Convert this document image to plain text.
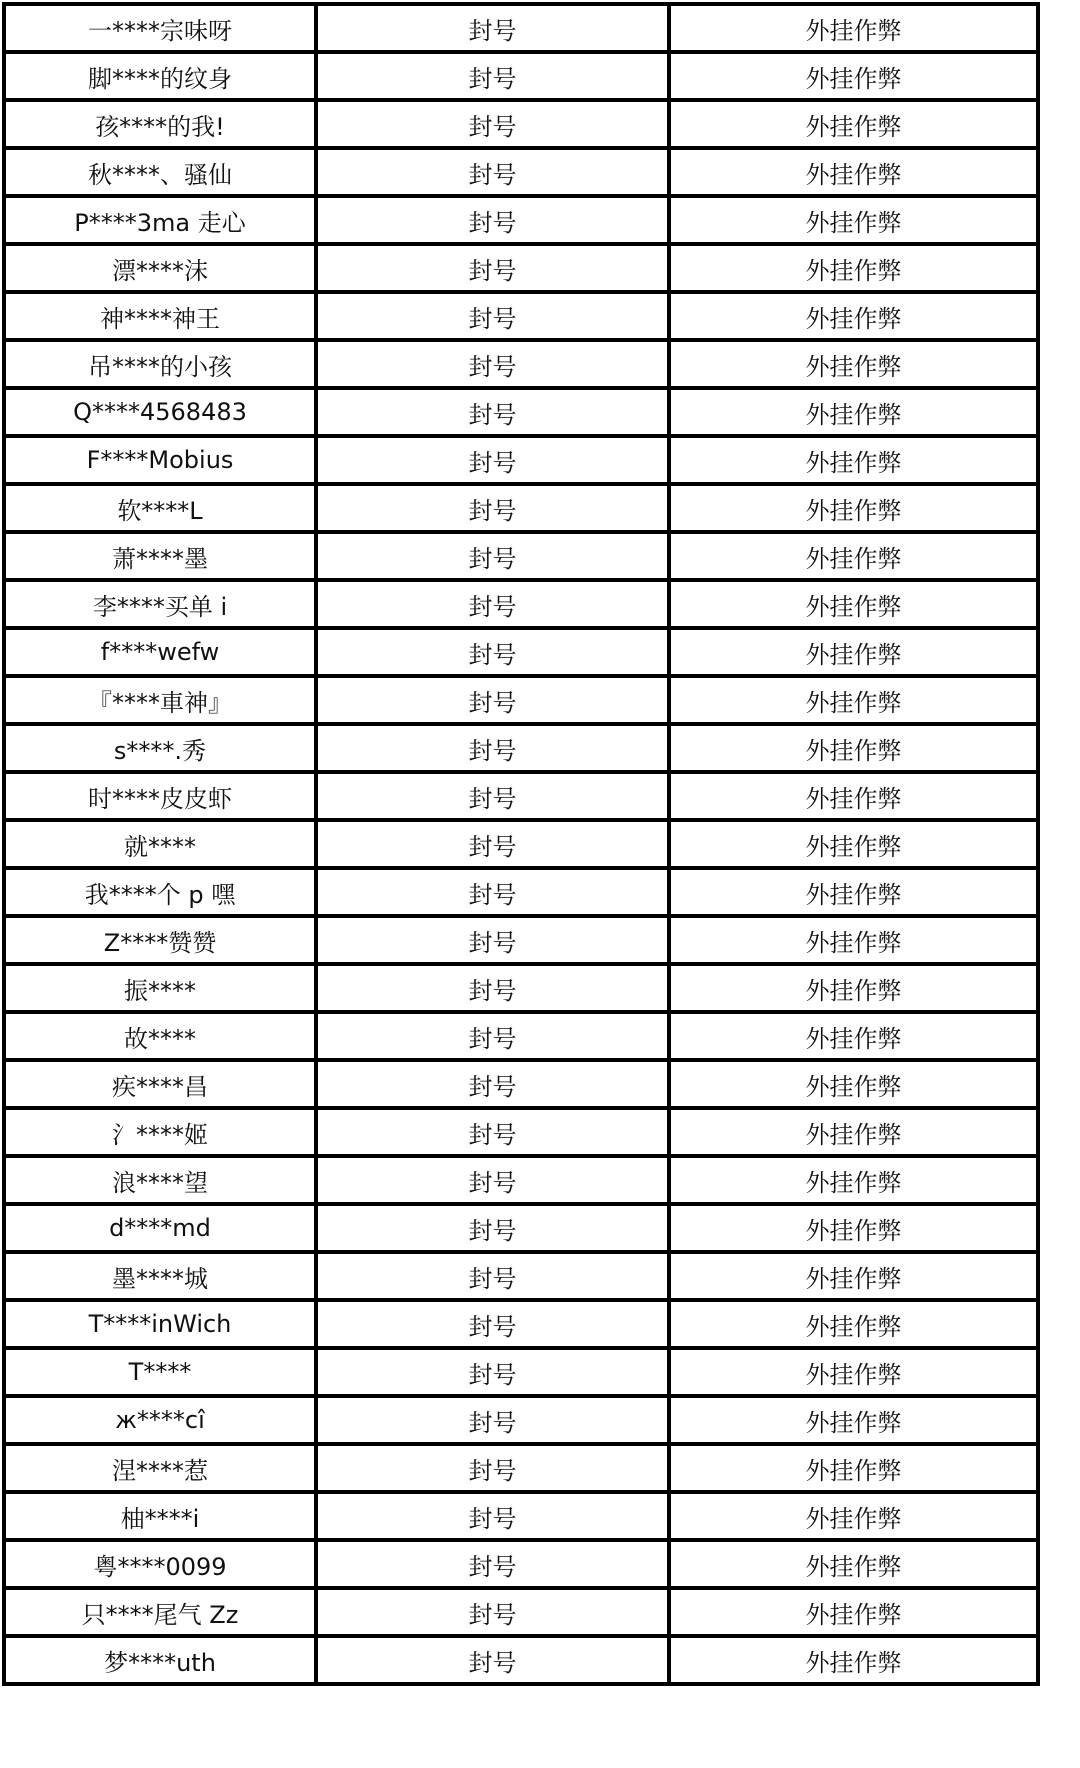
一****宗味呀	封号	外挂作弊
脚****的纹身	封号	外挂作弊
孩****的我!	封号	外挂作弊
秋****、骚仙	封号	外挂作弊
P****3ma 走心	封号	外挂作弊
漂****沫	封号	外挂作弊
神****神王	封号	外挂作弊
吊****的小孩	封号	外挂作弊
Q****4568483	封号	外挂作弊
F****Mobius	封号	外挂作弊
软****L	封号	外挂作弊
萧****墨	封号	外挂作弊
李****买单 i	封号	外挂作弊
f****wefw	封号	外挂作弊
『****車神』	封号	外挂作弊
s****.秀	封号	外挂作弊
时****皮皮虾	封号	外挂作弊
就****	封号	外挂作弊
我****个 p 嘿	封号	外挂作弊
Z****赞赞	封号	外挂作弊
振****	封号	外挂作弊
故****	封号	外挂作弊
疾****昌	封号	外挂作弊
氵****姬	封号	外挂作弊
浪****望	封号	外挂作弊
d****md	封号	外挂作弊
墨****城	封号	外挂作弊
T****inWich	封号	外挂作弊
T****	封号	外挂作弊
ж****cî	封号	外挂作弊
涅****惹	封号	外挂作弊
柚****i	封号	外挂作弊
粤****0099	封号	外挂作弊
只****尾气 Zz	封号	外挂作弊
梦****uth	封号	外挂作弊
